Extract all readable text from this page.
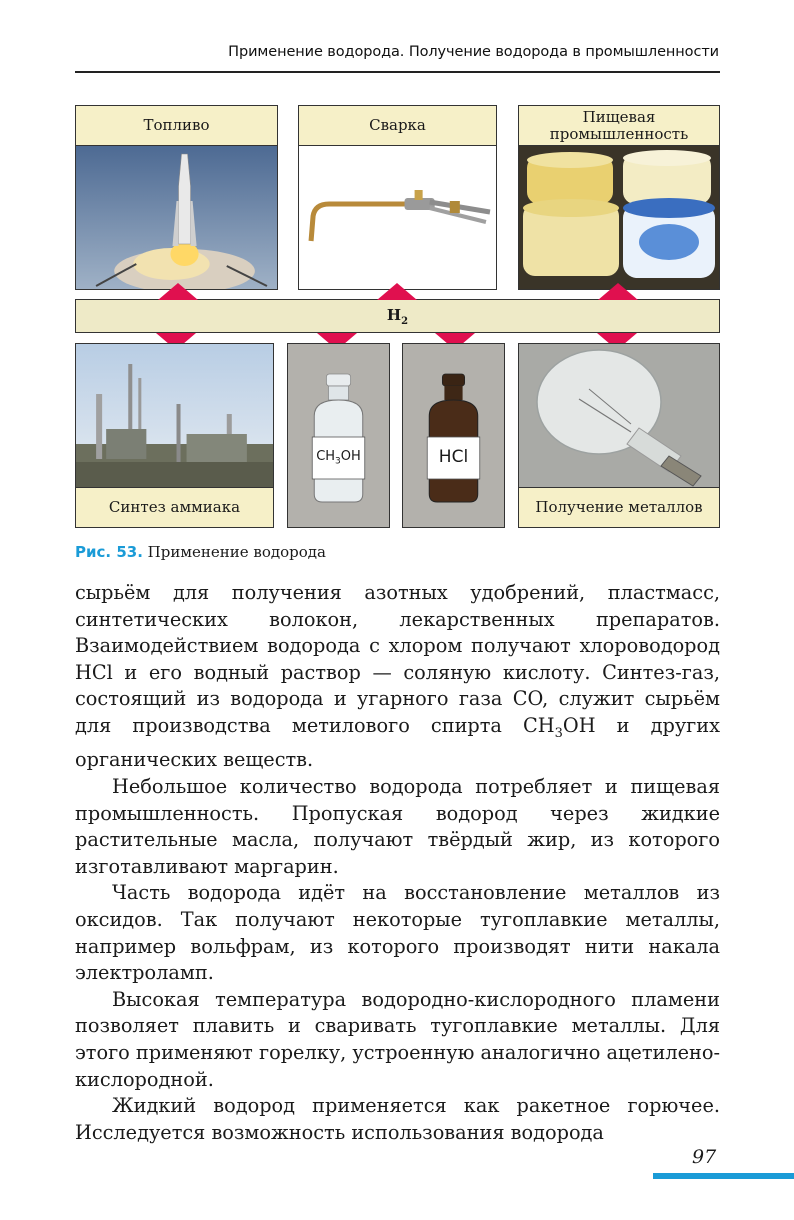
Применение водорода. Получение водорода в промышленности
Топливо	Сварка	Пищевая промышленность
$H_2$
Синтез аммиака
$CH_3OH$	HCl
Получение металлов
Рис. 53. Применение водорода

сырьём для получения азотных удобрений, пластмасс, синтетических волокон, лекарственных препаратов. Взаимодействием водорода с хлором получают хлороводород HCl и его водный раствор — соляную кислоту. Синтез-газ, состоящий из водорода и угарного газа CO, служит сырьём для производства метилового спирта $CH_3OH$ и других органических веществ.

Небольшое количество водорода потребляет и пищевая промышленность. Пропуская водород через жидкие растительные масла, получают твёрдый жир, из которого изготавливают маргарин.

Часть водорода идёт на восстановление металлов из оксидов. Так получают некоторые тугоплавкие металлы, например вольфрам, из которого производят нити накала электроламп.

Высокая температура водородно-кислородного пламени позволяет плавить и сваривать тугоплавкие металлы. Для этого применяют горелку, устроенную аналогично ацетилено-кислородной.

Жидкий водород применяется как ракетное горючее. Исследуется возможность использования водорода

97
